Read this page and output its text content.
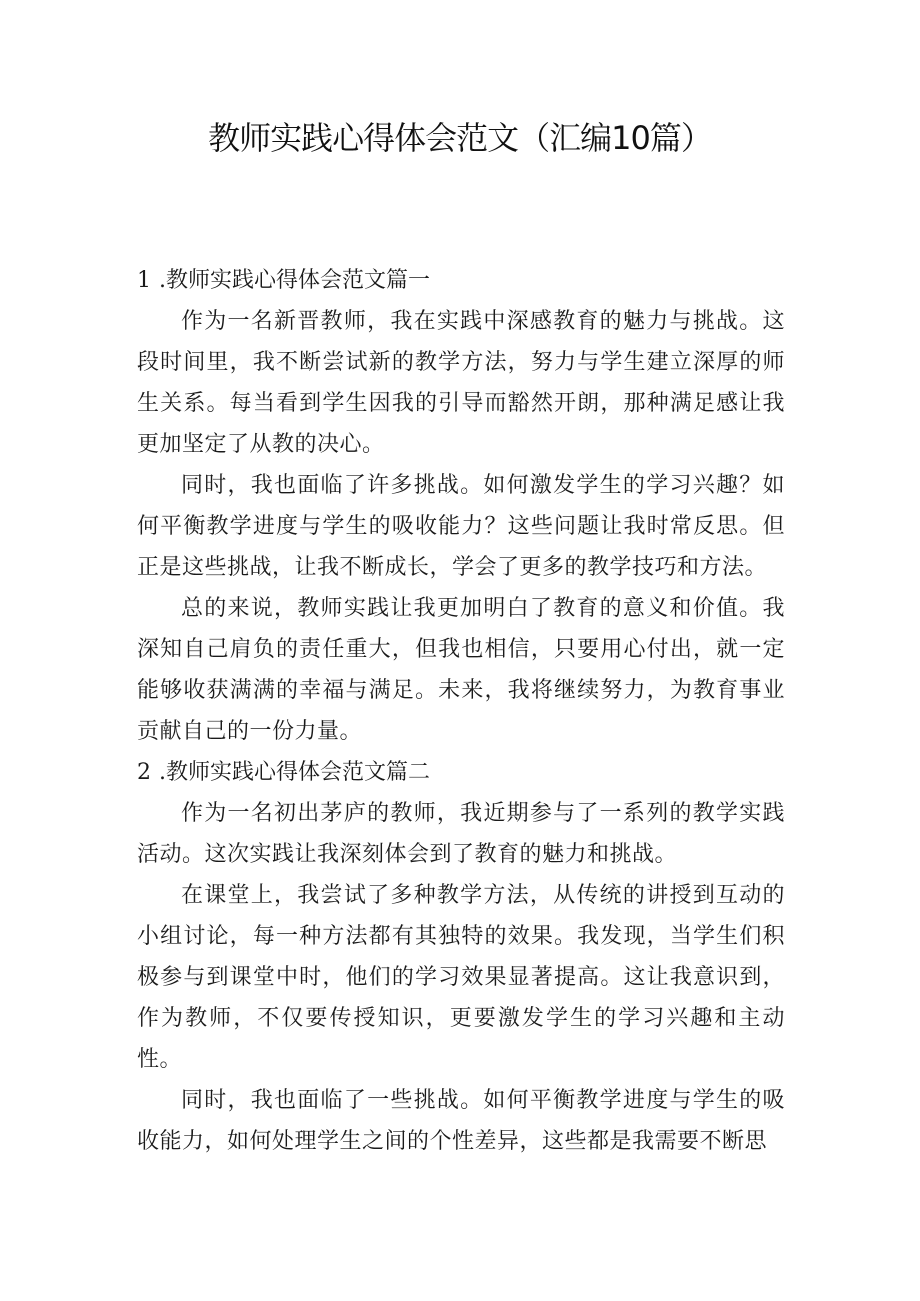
教师实践心得体会范文（汇编10篇）
1 .教师实践心得体会范文篇一

作为一名新晋教师，我在实践中深感教育的魅力与挑战。这段时间里，我不断尝试新的教学方法，努力与学生建立深厚的师生关系。每当看到学生因我的引导而豁然开朗，那种满足感让我更加坚定了从教的决心。

同时，我也面临了许多挑战。如何激发学生的学习兴趣？如何平衡教学进度与学生的吸收能力？这些问题让我时常反思。但正是这些挑战，让我不断成长，学会了更多的教学技巧和方法。

总的来说，教师实践让我更加明白了教育的意义和价值。我深知自己肩负的责任重大，但我也相信，只要用心付出，就一定能够收获满满的幸福与满足。未来，我将继续努力，为教育事业贡献自己的一份力量。

2 .教师实践心得体会范文篇二

作为一名初出茅庐的教师，我近期参与了一系列的教学实践活动。这次实践让我深刻体会到了教育的魅力和挑战。

在课堂上，我尝试了多种教学方法，从传统的讲授到互动的小组讨论，每一种方法都有其独特的效果。我发现，当学生们积极参与到课堂中时，他们的学习效果显著提高。这让我意识到，作为教师，不仅要传授知识，更要激发学生的学习兴趣和主动性。

同时，我也面临了一些挑战。如何平衡教学进度与学生的吸收能力，如何处理学生之间的个性差异，这些都是我需要不断思
